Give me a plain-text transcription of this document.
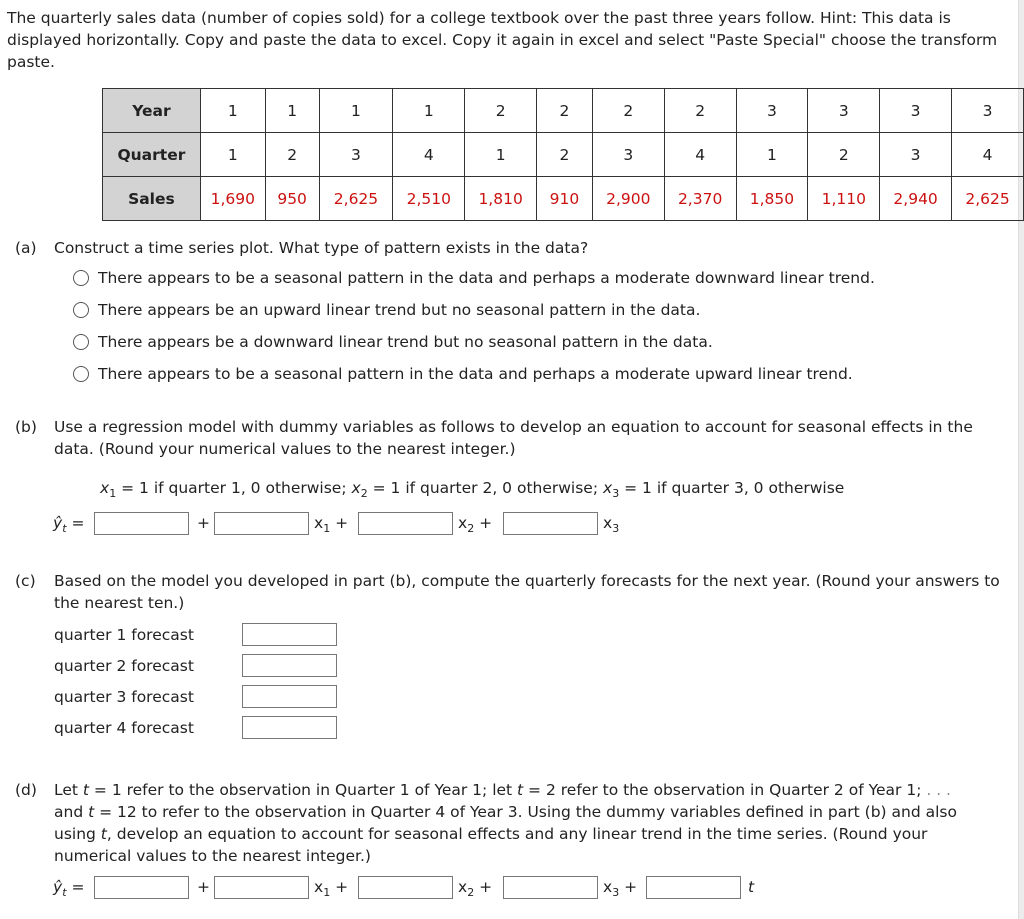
The quarterly sales data (number of copies sold) for a college textbook over the past three years follow. Hint: This data is displayed horizontally. Copy and paste the data to excel. Copy it again in excel and select "Paste Special" choose the transform paste.
Year	1	1	1	1	2	2	2	2	3	3	3	3
Quarter	1	2	3	4	1	2	3	4	1	2	3	4
Sales	1,690	950	2,625	2,510	1,810	910	2,900	2,370	1,850	1,110	2,940	2,625
(a) Construct a time series plot. What type of pattern exists in the data?
There appears to be a seasonal pattern in the data and perhaps a moderate downward linear trend.
There appears be an upward linear trend but no seasonal pattern in the data.
There appears be a downward linear trend but no seasonal pattern in the data.
There appears to be a seasonal pattern in the data and perhaps a moderate upward linear trend.
(b) Use a regression model with dummy variables as follows to develop an equation to account for seasonal effects in the data. (Round your numerical values to the nearest integer.)
$x_1 = 1$ if quarter 1, 0 otherwise; $x_2 = 1$ if quarter 2, 0 otherwise; $x_3 = 1$ if quarter 3, 0 otherwise
$ŷ_t$ =	+	$x_1$ +	$x_2$ +	$x_3$
(c) Based on the model you developed in part (b), compute the quarterly forecasts for the next year. (Round your answers to the nearest ten.)
quarter 1 forecast
quarter 2 forecast
quarter 3 forecast
quarter 4 forecast
(d) Let t = 1 refer to the observation in Quarter 1 of Year 1; let t = 2 refer to the observation in Quarter 2 of Year 1; . . .
and t = 12 to refer to the observation in Quarter 4 of Year 3. Using the dummy variables defined in part (b) and also
using t, develop an equation to account for seasonal effects and any linear trend in the time series. (Round your
numerical values to the nearest integer.)
$ŷ_t$ =	+	$x_1$ +	$x_2$ +	$x_3$ +	t
